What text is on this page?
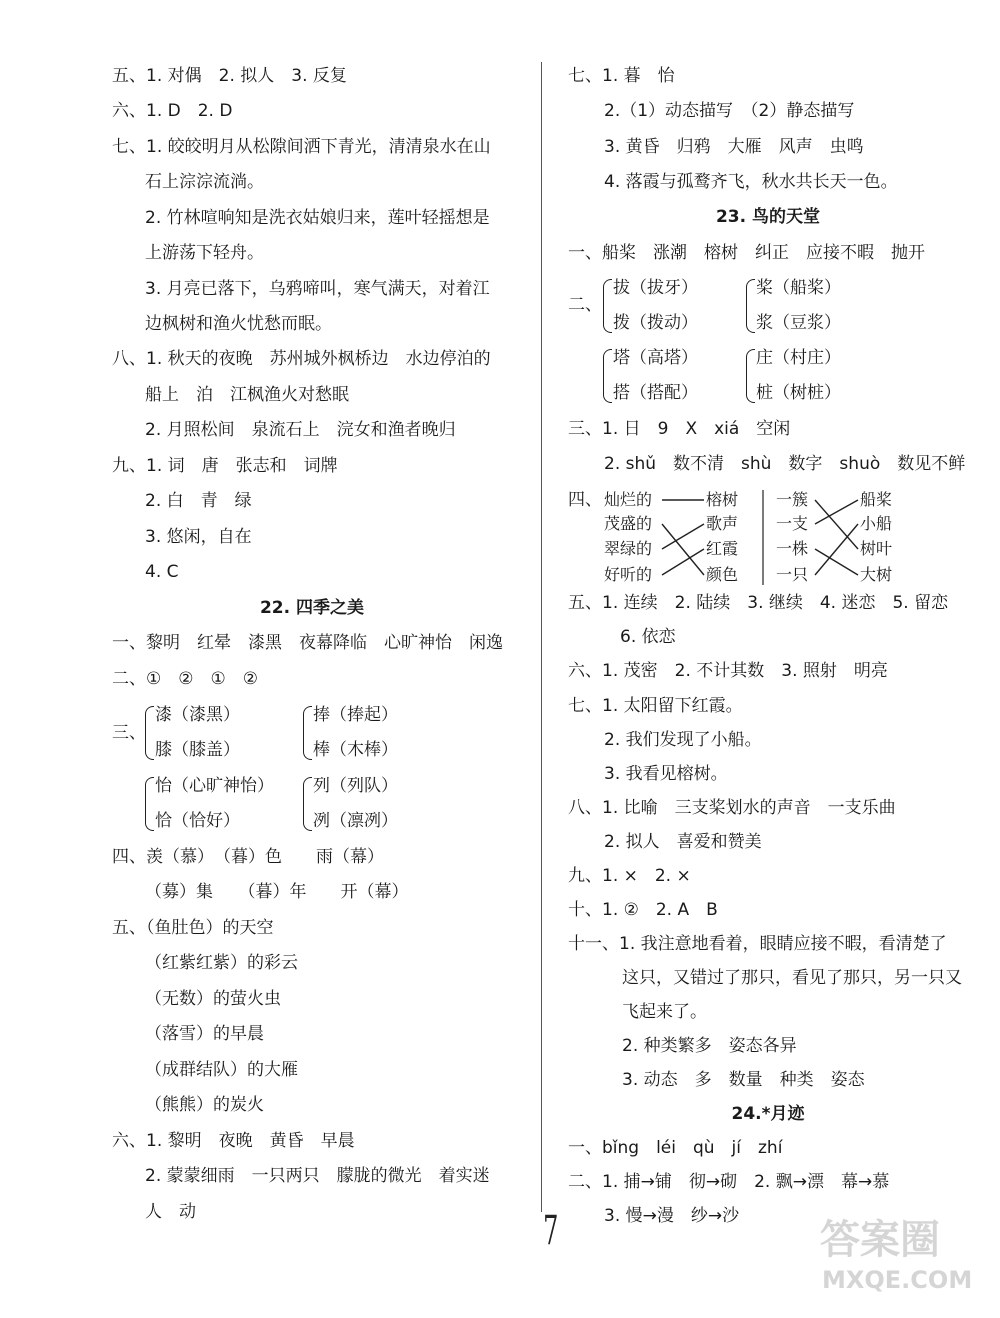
五、1. 对偶　2. 拟人　3. 反复
六、1. D　2. D
七、1. 皎皎明月从松隙间洒下青光，清清泉水在山
石上淙淙流淌。
2. 竹林喧响知是洗衣姑娘归来，莲叶轻摇想是
上游荡下轻舟。
3. 月亮已落下，乌鸦啼叫，寒气满天，对着江
边枫树和渔火忧愁而眠。
八、1. 秋天的夜晚　苏州城外枫桥边　水边停泊的
船上　泊　江枫渔火对愁眠
2. 月照松间　泉流石上　浣女和渔者晚归
九、1. 词　唐　张志和　词牌
2. 白　青　绿
3. 悠闲，自在
4. C
22. 四季之美
一、黎明　红晕　漆黑　夜幕降临　心旷神怡　闲逸
二、①　②　①　②
三、
漆（漆黑）
膝（膝盖）
捧（捧起）
棒（木棒）
怡（心旷神怡）
恰（恰好）
列（列队）
冽（凛冽）
四、羡（慕）　（暮）色　　雨（幕）
（募）集　　（暮）年　　开（幕）
五、（鱼肚色）的天空
（红紫红紫）的彩云
（无数）的萤火虫
（落雪）的早晨
（成群结队）的大雁
（熊熊）的炭火
六、1. 黎明　夜晚　黄昏　早晨
2. 蒙蒙细雨　一只两只　朦胧的微光　着实迷
人　动
七、1. 暮　怡
2.（1）动态描写　（2）静态描写
3. 黄昏　归鸦　大雁　风声　虫鸣
4. 落霞与孤鹜齐飞，秋水共长天一色。
23. 鸟的天堂
一、船桨　涨潮　榕树　纠正　应接不暇　抛开
二、
拔（拔牙）
拨（拨动）
桨（船桨）
浆（豆浆）
塔（高塔）
搭（搭配）
庄（村庄）
桩（树桩）
三、1. 日　9　X　xiá　空闲
2. shǔ　数不清　shù　数字　shuò　数见不鲜
四、 灿烂的
茂盛的
翠绿的
好听的
榕树
歌声
红霞
颜色
一簇
一支
一株
一只
船桨
小船
树叶
大树
五、1. 连续　2. 陆续　3. 继续　4. 迷恋　5. 留恋
6. 依恋
六、1. 茂密　2. 不计其数　3. 照射　明亮
七、1. 太阳留下红霞。
2. 我们发现了小船。
3. 我看见榕树。
八、1. 比喻　三支桨划水的声音　一支乐曲
2. 拟人　喜爱和赞美
九、1. ×　2. ×
十、1. ②　2. A　B
十一、1. 我注意地看着，眼睛应接不暇，看清楚了
这只，又错过了那只，看见了那只，另一只又
飞起来了。
2. 种类繁多　姿态各异
3. 动态　多　数量　种类　姿态
24.*月迹
一、bǐng　léi　qù　jí　zhí
二、1. 捕→铺　彻→砌　2. 飘→漂　幕→慕
3. 慢→漫　纱→沙
7	答案圈
MXQE.COM
